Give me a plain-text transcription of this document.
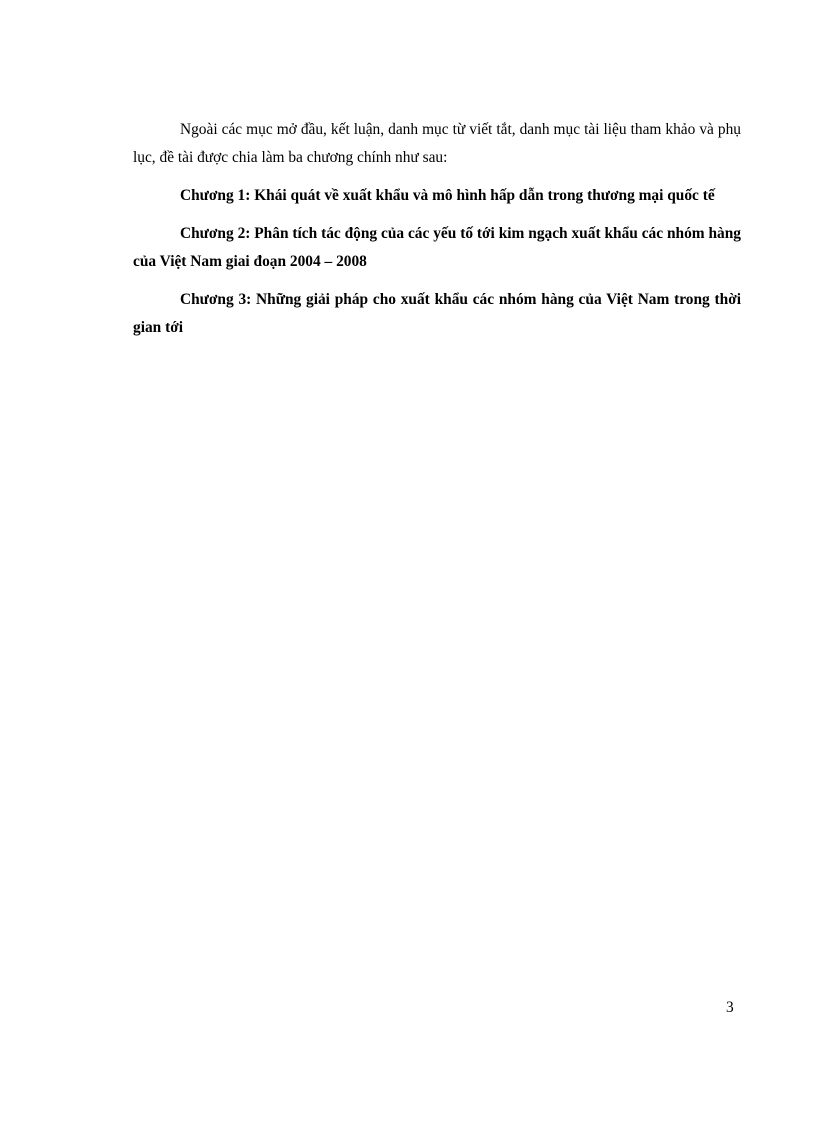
Ngoài các mục mở đầu, kết luận, danh mục từ viết tắt, danh mục tài liệu tham khảo và phụ lục, đề tài được chia làm ba chương chính như sau:

Chương 1: Khái quát về xuất khẩu và mô hình hấp dẫn trong thương mại quốc tế

Chương 2: Phân tích tác động của các yếu tố tới kim ngạch xuất khẩu các nhóm hàng của Việt Nam giai đoạn 2004 – 2008

Chương 3: Những giải pháp cho xuất khẩu các nhóm hàng của Việt Nam trong thời gian tới

3
